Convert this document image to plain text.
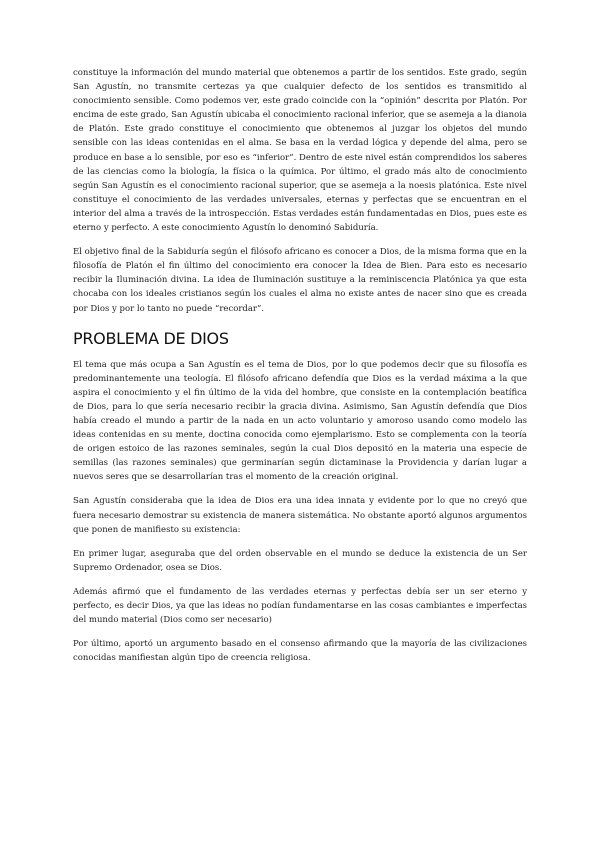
constituye la información del mundo material que obtenemos a partir de los sentidos. Este grado, según San Agustín, no transmite certezas ya que cualquier defecto de los sentidos es transmitido al conocimiento sensible. Como podemos ver, este grado coincide con la “opinión” descrita por Platón. Por encima de este grado, San Agustín ubicaba el conocimiento racional inferior, que se asemeja a la dianoia de Platón. Este grado constituye el conocimiento que obtenemos al juzgar los objetos del mundo sensible con las ideas contenidas en el alma. Se basa en la verdad lógica y depende del alma, pero se produce en base a lo sensible, por eso es “inferior”. Dentro de este nivel están comprendidos los saberes de las ciencias como la biología, la física o la química. Por último, el grado más alto de conocimiento según San Agustín es el conocimiento racional superior, que se asemeja a la noesis platónica. Este nivel constituye el conocimiento de las verdades universales, eternas y perfectas que se encuentran en el interior del alma a través de la introspección. Estas verdades están fundamentadas en Dios, pues este es eterno y perfecto. A este conocimiento Agustín lo denominó Sabiduría.

El objetivo final de la Sabiduría según el filósofo africano es conocer a Dios, de la misma forma que en la filosofía de Platón el fin último del conocimiento era conocer la Idea de Bien. Para esto es necesario recibir la Iluminación divina. La idea de Iluminación sustituye a la reminiscencia Platónica ya que esta chocaba con los ideales cristianos según los cuales el alma no existe antes de nacer sino que es creada por Dios y por lo tanto no puede “recordar”.

PROBLEMA DE DIOS

El tema que más ocupa a San Agustín es el tema de Dios, por lo que podemos decir que su filosofía es predominantemente una teología. El filósofo africano defendía que Dios es la verdad máxima a la que aspira el conocimiento y el fin último de la vida del hombre, que consiste en la contemplación beatífica de Dios, para lo que sería necesario recibir la gracia divina. Asimismo, San Agustín defendía que Dios había creado el mundo a partir de la nada en un acto voluntario y amoroso usando como modelo las ideas contenidas en su mente, doctina conocida como ejemplarismo. Esto se complementa con la teoría de origen estoico de las razones seminales, según la cual Dios depositó en la materia una especie de semillas (las razones seminales) que germinarían según dictaminase la Providencia y darían lugar a nuevos seres que se desarrollarían tras el momento de la creación original.

San Agustín consideraba que la idea de Dios era una idea innata y evidente por lo que no creyó que fuera necesario demostrar su existencia de manera sistemática. No obstante aportó algunos argumentos que ponen de manifiesto su existencia:

En primer lugar, aseguraba que del orden observable en el mundo se deduce la existencia de un Ser Supremo Ordenador, osea se Dios.

Además afirmó que el fundamento de las verdades eternas y perfectas debía ser un ser eterno y perfecto, es decir Dios, ya que las ideas no podían fundamentarse en las cosas cambiantes e imperfectas del mundo material (Dios como ser necesario)

Por último, aportó un argumento basado en el consenso afirmando que la mayoría de las civilizaciones conocidas manifiestan algún tipo de creencia religiosa.
